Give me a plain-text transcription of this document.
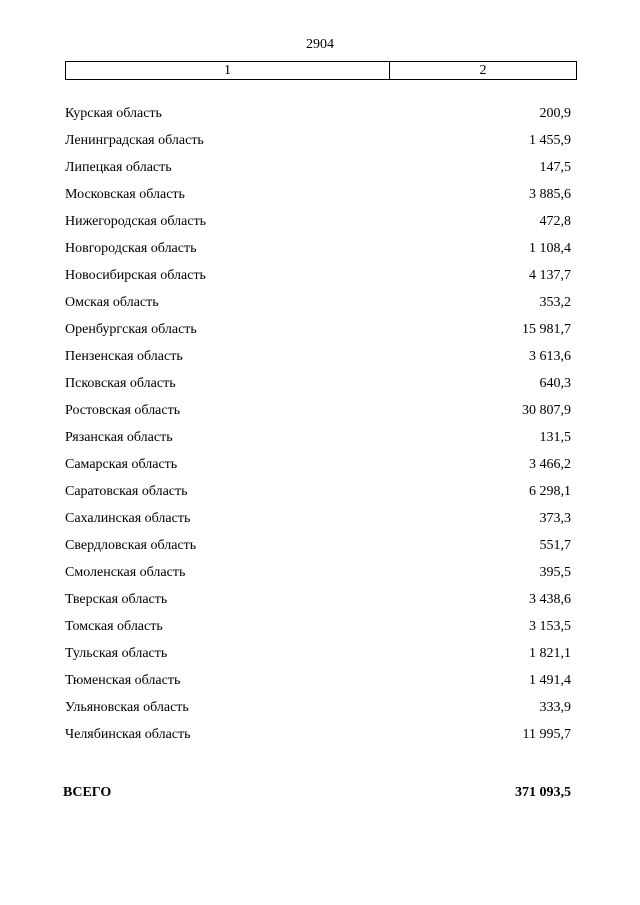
2904
1	2
Курская область	200,9
Ленинградская область	1 455,9
Липецкая область	147,5
Московская область	3 885,6
Нижегородская область	472,8
Новгородская область	1 108,4
Новосибирская область	4 137,7
Омская область	353,2
Оренбургская область	15 981,7
Пензенская область	3 613,6
Псковская область	640,3
Ростовская область	30 807,9
Рязанская область	131,5
Самарская область	3 466,2
Саратовская область	6 298,1
Сахалинская область	373,3
Свердловская область	551,7
Смоленская область	395,5
Тверская область	3 438,6
Томская область	3 153,5
Тульская область	1 821,1
Тюменская область	1 491,4
Ульяновская область	333,9
Челябинская область	11 995,7
ВСЕГО	371 093,5
